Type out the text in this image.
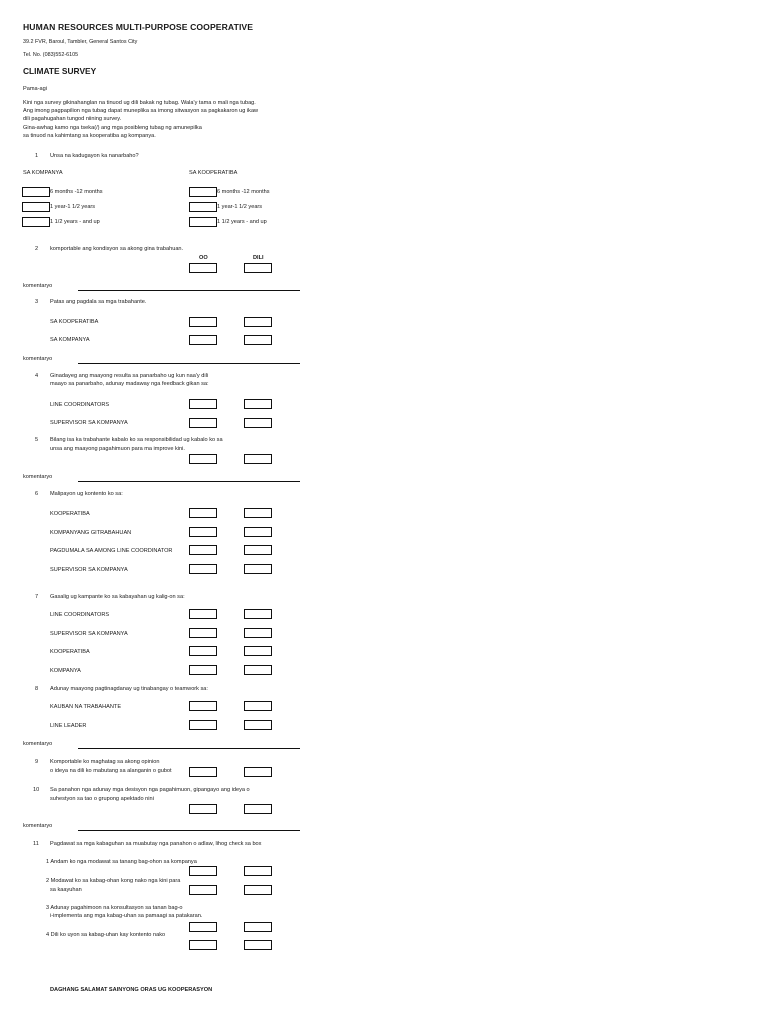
HUMAN RESOURCES MULTI-PURPOSE COOPERATIVE
39.2 FVR, Baroul, Tambler, General Santos City
Tel. No. (083)552-6105
CLIMATE SURVEY
Pama-agi
Kini nga survey gikinahanglan na tinuod ug dili bakak ng tubag. Wala'y tama o mali nga tubag.
Ang imong pagpapilion nga tubag dapat muneplika sa imong sitwasyon sa pagkakaron ug ikaw
dili pagahugahan tungod niining survey.
Gina-awhag kamo nga tseka(/) ang mga posibleng tubag ng amunepilka
sa tinuod na kahimtang sa kooperatiba ag kompanya.
1 Unsa na kadugayon ka nanarbaho?
SA KOMPANYA	SA KOOPERATIBA
6 months -12 months
1 year-1 1/2 years
1 1/2 years - and up
6 months -12 months
1 year-1 1/2 years
1 1/2 years - and up
2 komportable ang kondisyon sa akong gina trabahuan.
OO	DILI
komentaryo
3 Patas ang pagdala sa mga trabahante.
SA KOOPERATIBA
SA KOMPANYA
komentaryo
4 Ginadayeg ang maayong resulta sa panarbaho ug kun naa'y dili
maayo sa panarbaho, adunay madaway nga feedback gikan sa:
LINE COORDINATORS
SUPERVISOR SA KOMPANYA
5 Bilang isa ka trabahante kabalo ko sa responsibilidad ug kabalo ko sa
unsa ang maayong pagahimuon para ma improve kini.
komentaryo
6 Malipayon ug kontento ko sa:
KOOPERATIBA
KOMPANYANG GITRABAHUAN
PAGDUMALA SA AMONG LINE COORDINATOR
SUPERVISOR SA KOMPANYA
7 Gasalig ug kampante ko sa kabayahan ug kalig-on sa:
LINE COORDINATORS
SUPERVISOR SA KOMPANYA
KOOPERATIBA
KOMPANYA
8 Adunay maayong pagtinagdanay ug tinabangay o teamwork sa:
KAUBAN NA TRABAHANTE
LINE LEADER
komentaryo
9 Komportable ko maghatag sa akong opinion
o ideya na dili ko mabutang sa alanganin o gubot
10 Sa panahon nga adunay mga desisyon nga pagahimuon, gipangayo ang ideya o
suhestyon sa tao o grupong apektado nini
komentaryo
11 Pagdawat sa mga kabaguhan sa muabutay nga panahon o adlaw, lihog check sa box
1 Andam ko nga modawat sa tanang bag-ohon sa kompanya
2 Modawat ko sa kabag-ohan kong nako nga kini para
sa kaayuhan
3 Adunay pagahimoon na konsultasyon sa tanan bag-o
i-implementa ang mga kabag-uhan sa pamaagi sa patakaran.
4 Dili ko uyon sa kabag-uhan kay kontento nako
DAGHANG SALAMAT SAINYONG ORAS UG KOOPERASYON
